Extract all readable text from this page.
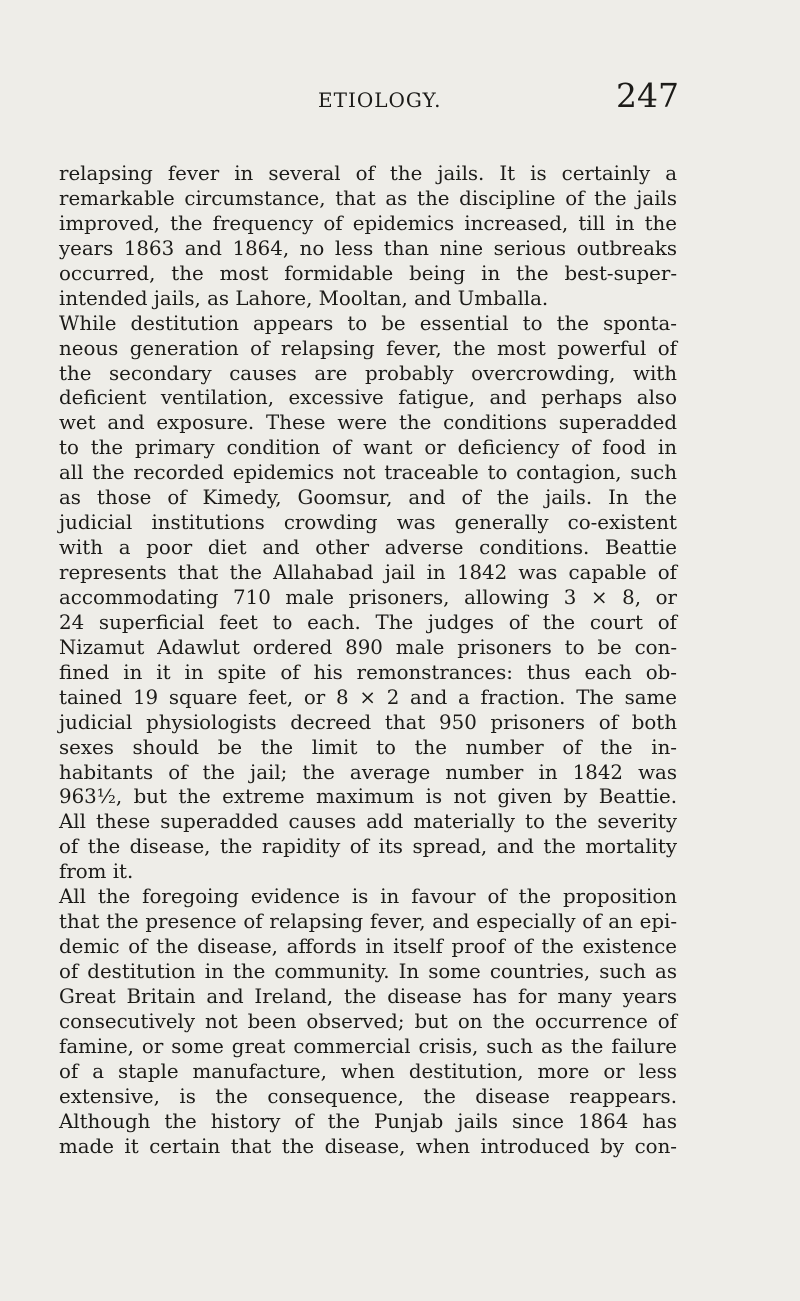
ETIOLOGY.	247
relapsing fever in several of the jails. It is certainly a
remarkable circumstance, that as the discipline of the jails
improved, the frequency of epidemics increased, till in the
years 1863 and 1864, no less than nine serious outbreaks
occurred, the most formidable being in the best-super-
intended jails, as Lahore, Mooltan, and Umballa.
While destitution appears to be essential to the sponta-
neous generation of relapsing fever, the most powerful of
the secondary causes are probably overcrowding, with
deficient ventilation, excessive fatigue, and perhaps also
wet and exposure. These were the conditions superadded
to the primary condition of want or deficiency of food in
all the recorded epidemics not traceable to contagion, such
as those of Kimedy, Goomsur, and of the jails. In the
judicial institutions crowding was generally co-existent
with a poor diet and other adverse conditions. Beattie
represents that the Allahabad jail in 1842 was capable of
accommodating 710 male prisoners, allowing 3 × 8, or
24 superficial feet to each. The judges of the court of
Nizamut Adawlut ordered 890 male prisoners to be con-
fined in it in spite of his remonstrances: thus each ob-
tained 19 square feet, or 8 × 2 and a fraction. The same
judicial physiologists decreed that 950 prisoners of both
sexes should be the limit to the number of the in-
habitants of the jail; the average number in 1842 was
963½, but the extreme maximum is not given by Beattie.
All these superadded causes add materially to the severity
of the disease, the rapidity of its spread, and the mortality
from it.
All the foregoing evidence is in favour of the proposition
that the presence of relapsing fever, and especially of an epi-
demic of the disease, affords in itself proof of the existence
of destitution in the community. In some countries, such as
Great Britain and Ireland, the disease has for many years
consecutively not been observed; but on the occurrence of
famine, or some great commercial crisis, such as the failure
of a staple manufacture, when destitution, more or less
extensive, is the consequence, the disease reappears.
Although the history of the Punjab jails since 1864 has
made it certain that the disease, when introduced by con-
